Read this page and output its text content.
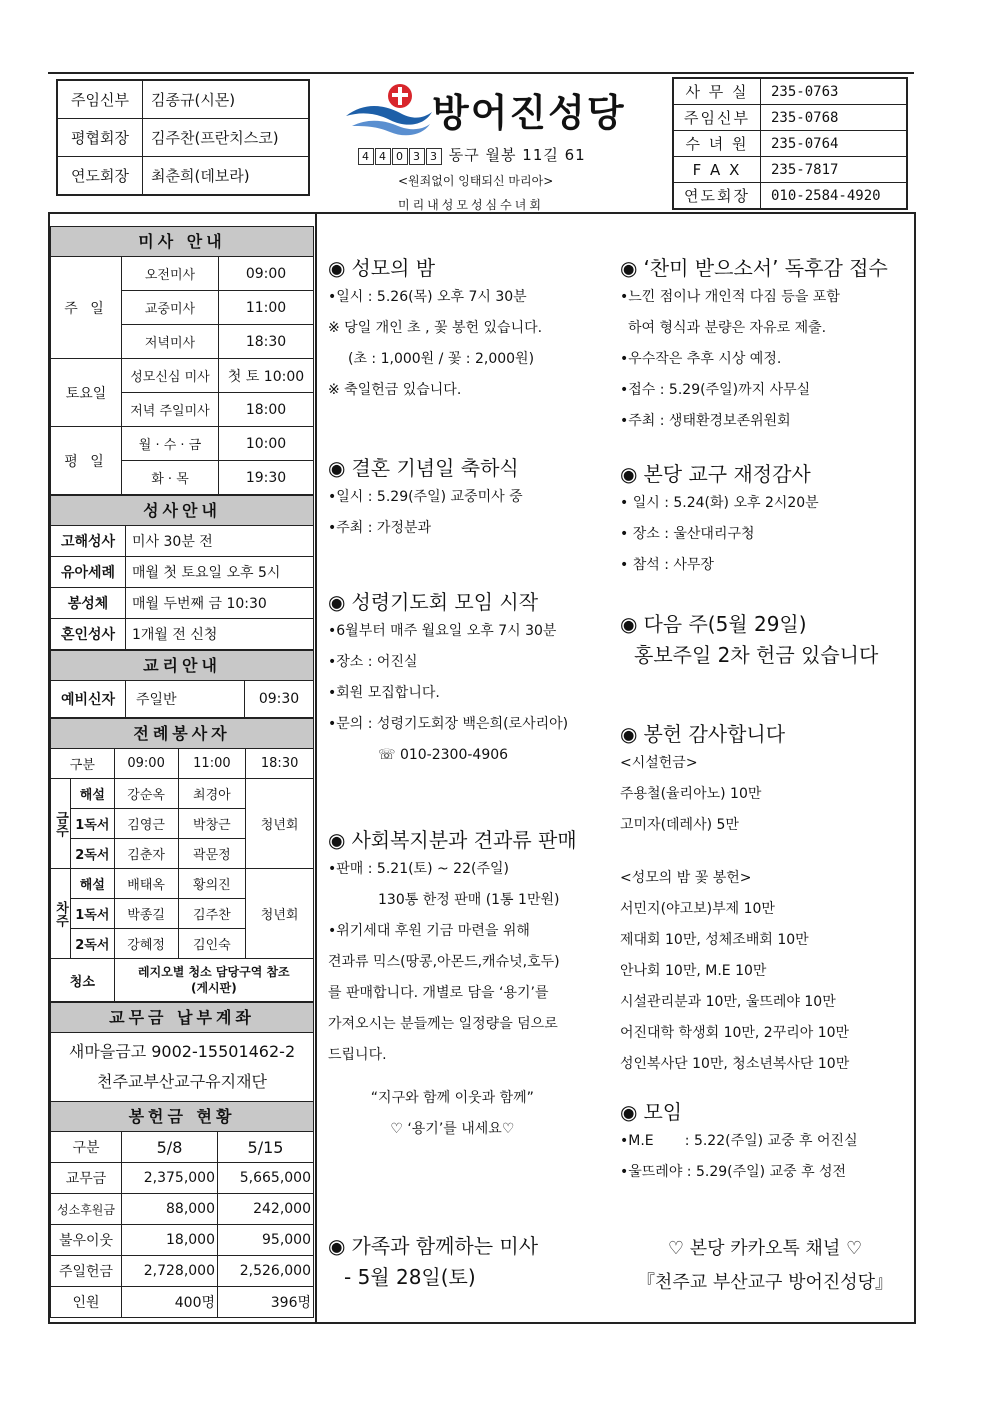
주임신부	김종규(시몬)
평협회장	김주찬(프란치스코)
연도회장	최춘희(데보라)
방어진성당
4 4 0 3 3 동구 월봉 11길 61
<원죄없이 잉태되신 마리아>
미리내성모성심수녀회
사 무 실	235-0763
주임신부	235-0768
수 녀 원	235-0764
F A X	235-7817
연도회장	010-2584-4920
미사 안내
주 일	오전미사	09:00
	교중미사	11:00
	저녁미사	18:30
토요일	성모신심 미사	첫 토 10:00
	저녁 주일미사	18:00
평 일	월 · 수 · 금	10:00
	화 · 목	19:30
성사안내
고해성사	미사 30분 전
유아세례	매월 첫 토요일 오후 5시
봉성체	매월 두번째 금 10:30
혼인성사	1개월 전 신청
교리안내
예비신자	주일반	09:30
전례봉사자
구분		09:00	11:00	18:30
금주	해설	강순옥	최경아	청년회
	1독서	김영근	박창근	
	2독서	김춘자	곽문정	
차주	해설	배태옥	황의진	청년회
	1독서	박종길	김주찬	
	2독서	강혜정	김인숙	
청소		레지오별 청소 담당구역 참조
(게시판)		
교무금 납부계좌
새마을금고 9002-15501462-2
천주교부산교구유지재단
봉헌금 현황
구분	5/8	5/15
교무금	2,375,000	5,665,000
성소후원금	88,000	242,000
불우이웃	18,000	95,000
주일헌금	2,728,000	2,526,000
인원	400명	396명
◉ 성모의 밤
•일시 : 5.26(목) 오후 7시 30분
※ 당일 개인 초 , 꽃 봉헌 있습니다.
(초 : 1,000원 / 꽃 : 2,000원)
※ 축일헌금 있습니다.
◉ 결혼 기념일 축하식
•일시 : 5.29(주일) 교중미사 중
•주최 : 가정분과
◉ 성령기도회 모임 시작
•6월부터 매주 월요일 오후 7시 30분
•장소 : 어진실
•회원 모집합니다.
•문의 : 성령기도회장 백은희(로사리아)
☏ 010-2300-4906
◉ 사회복지분과 견과류 판매
•판매 : 5.21(토) ~ 22(주일)
130통 한정 판매 (1통 1만원)
•위기세대 후원 기금 마련을 위해
견과류 믹스(땅콩,아몬드,캐슈넛,호두)
를 판매합니다. 개별로 담을 ‘용기’를
가져오시는 분들께는 일정량을 덤으로
드립니다.
“지구와 함께 이웃과 함께”
♡ ‘용기’를 내세요♡
◉ 가족과 함께하는 미사
- 5월 28일(토)
◉ ‘찬미 받으소서’ 독후감 접수
•느낀 점이나 개인적 다짐 등을 포함
하여 형식과 분량은 자유로 제출.
•우수작은 추후 시상 예정.
•접수 : 5.29(주일)까지 사무실
•주최 : 생태환경보존위원회
◉ 본당 교구 재정감사
• 일시 : 5.24(화) 오후 2시20분
• 장소 : 울산대리구청
• 참석 : 사무장
◉ 다음 주(5월 29일)
홍보주일 2차 헌금 있습니다
◉ 봉헌 감사합니다
<시설헌금>
주용철(율리아노) 10만
고미자(데레사) 5만
<성모의 밤 꽃 봉헌>
서민지(야고보)부제 10만
제대회 10만, 성체조배회 10만
안나회 10만, M.E 10만
시설관리분과 10만, 울뜨레야 10만
어진대학 학생회 10만, 2꾸리아 10만
성인복사단 10만, 청소년복사단 10만
◉ 모임
•M.E       : 5.22(주일) 교중 후 어진실
•울뜨레야 : 5.29(주일) 교중 후 성전
♡ 본당 카카오톡 채널 ♡
『천주교 부산교구 방어진성당』
